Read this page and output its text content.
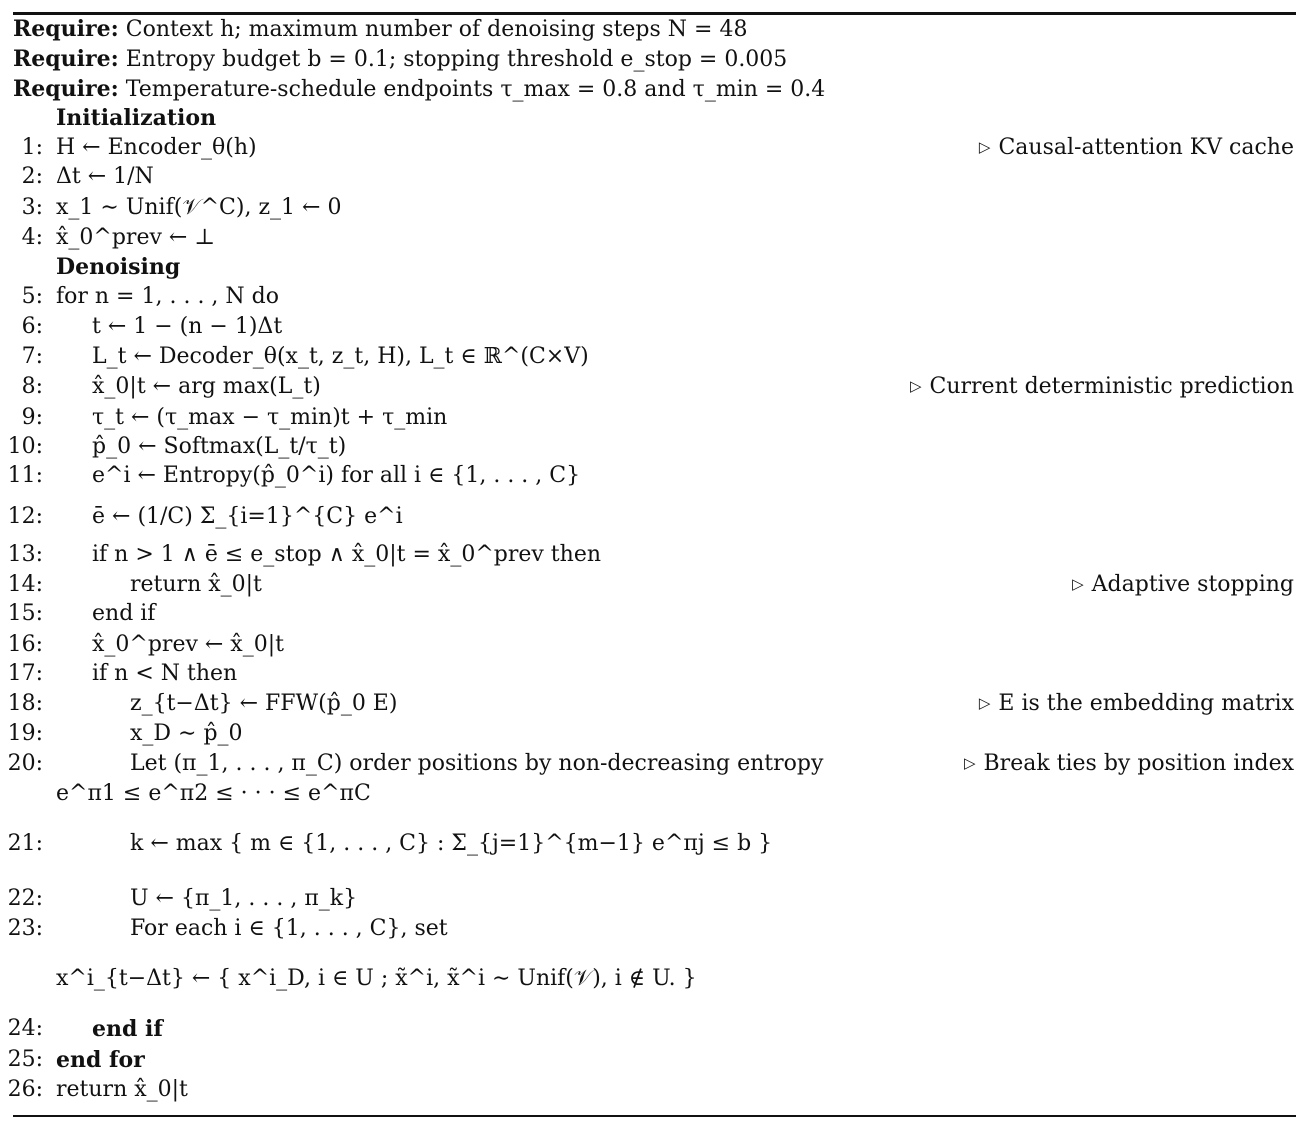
Require: Context h; maximum number of denoising steps N = 48
Require: Entropy budget b = 0.1; stopping threshold e_stop = 0.005
Require: Temperature-schedule endpoints τ_max = 0.8 and τ_min = 0.4
Initialization
1: H ← Encoder_θ(h)	▷ Causal-attention KV cache
2: Δt ← 1/N
3: x_1 ∼ Unif(𝒱^C), z_1 ← 0
4: x̂_0^prev ← ⊥
Denoising
5: for n = 1, . . . , N do
6: t ← 1 − (n − 1)Δt
7: L_t ← Decoder_θ(x_t, z_t, H), L_t ∈ ℝ^(C×V)
8: x̂_0|t ← arg max(L_t)	▷ Current deterministic prediction
9: τ_t ← (τ_max − τ_min)t + τ_min
10: p̂_0 ← Softmax(L_t/τ_t)
11: e^i ← Entropy(p̂_0^i) for all i ∈ {1, . . . , C}
12: ē ← (1/C) Σ_{i=1}^{C} e^i
13: if n > 1 ∧ ē ≤ e_stop ∧ x̂_0|t = x̂_0^prev then
14:	return x̂_0|t	▷ Adaptive stopping
15: end if
16: x̂_0^prev ← x̂_0|t
17: if n < N then
18:	z_{t−Δt} ← FFW(p̂_0 E)	▷ E is the embedding matrix
19:	x_D ∼ p̂_0
20:	Let (π_1, . . . , π_C) order positions by non-decreasing entropy	▷ Break ties by position index
e^π1 ≤ e^π2 ≤ · · · ≤ e^πC
21:	k ← max { m ∈ {1, . . . , C} : Σ_{j=1}^{m−1} e^πj ≤ b }
22:	U ← {π_1, . . . , π_k}
23:	For each i ∈ {1, . . . , C}, set
x^i_{t−Δt} ← { x^i_D, i ∈ U ; x̃^i, x̃^i ∼ Unif(𝒱), i ∉ U. }
24: end if
25: end for
26: return x̂_0|t
